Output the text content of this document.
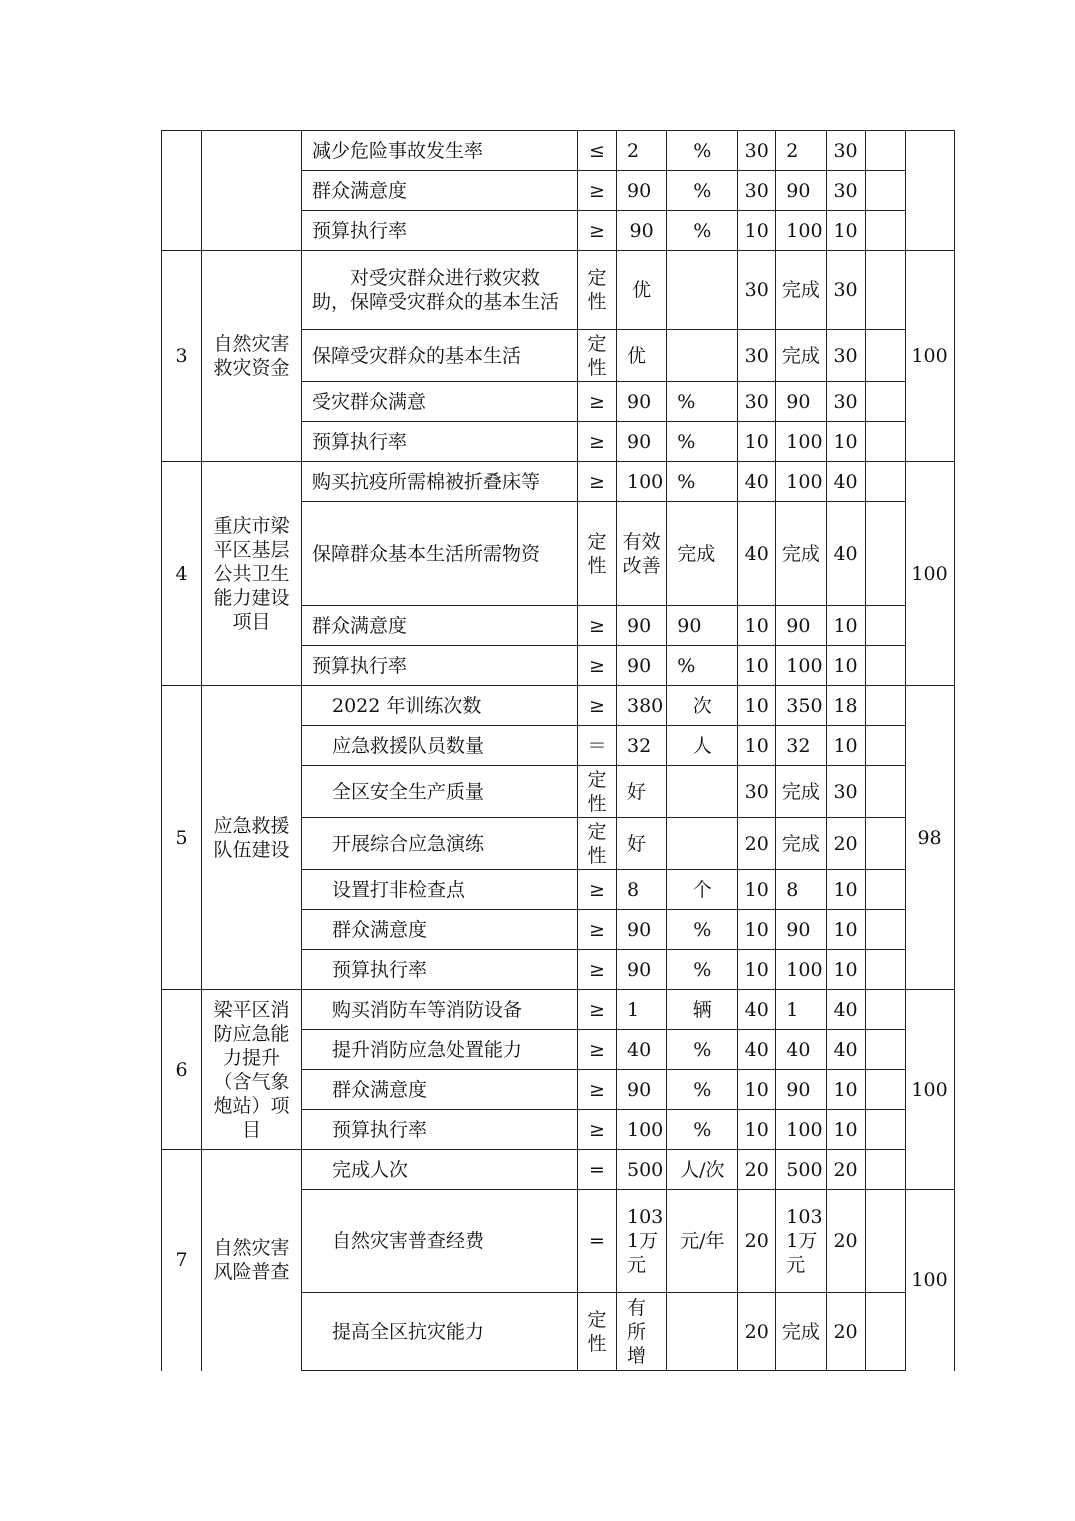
		减少危险事故发生率	≤	2	%	30	2	30		
		群众满意度	≥	90	%	30	90	30		
		预算执行率	≥	90	%	10	100	10		
3	自然灾害救灾资金	对受灾群众进行救灾救助，保障受灾群众的基本生活	定性	优		30	完成	30		100
		保障受灾群众的基本生活	定性	优		30	完成	30		
		受灾群众满意	≥	90	%	30	90	30		
		预算执行率	≥	90	%	10	100	10		
4	重庆市梁平区基层公共卫生能力建设项目	购买抗疫所需棉被折叠床等	≥	100	%	40	100	40		100
		保障群众基本生活所需物资	定性	有效改善	完成	40	完成	40		
		群众满意度	≥	90	90	10	90	10		
		预算执行率	≥	90	%	10	100	10		
5	应急救援队伍建设	2022 年训练次数	≥	380	次	10	350	18		98
		应急救援队员数量	＝	32	人	10	32	10		
		全区安全生产质量	定性	好		30	完成	30		
		开展综合应急演练	定性	好		20	完成	20		
		设置打非检查点	≥	8	个	10	8	10		
		群众满意度	≥	90	%	10	90	10		
		预算执行率	≥	90	%	10	100	10		
6	梁平区消防应急能力提升（含气象炮站）项目	购买消防车等消防设备	≥	1	辆	40	1	40		100
		提升消防应急处置能力	≥	40	%	40	40	40		
		群众满意度	≥	90	%	10	90	10		
		预算执行率	≥	100	%	10	100	10		
7	自然灾害风险普查	完成人次	=	500	人/次	20	500	20		
		自然灾害普查经费	=	1031万元	元/年	20	1031万元	20		100
		提高全区抗灾能力	定性	有所增		20	完成	20		
